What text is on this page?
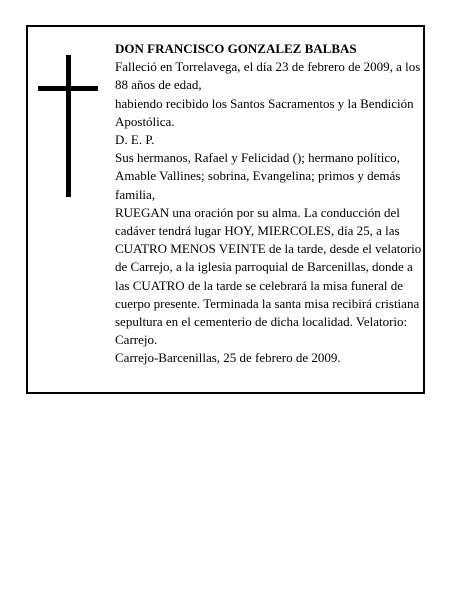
DON FRANCISCO GONZALEZ BALBAS

Falleció en Torrelavega, el día 23 de febrero de 2009, a los 88 años de edad,

habiendo recibido los Santos Sacramentos y la Bendición Apostólica.

D. E. P.

Sus hermanos, Rafael y Felicidad (); hermano político, Amable Vallines; sobrina, Evangelina; primos y demás familia,

RUEGAN una oración por su alma. La conducción del cadáver tendrá lugar HOY, MIERCOLES, día 25, a las CUATRO MENOS VEINTE de la tarde, desde el velatorio de Carrejo, a la iglesia parroquial de Barcenillas, donde a las CUATRO de la tarde se celebrará la misa funeral de cuerpo presente. Terminada la santa misa recibirá cristiana sepultura en el cementerio de dicha localidad. Velatorio: Carrejo.

Carrejo-Barcenillas, 25 de febrero de 2009.
